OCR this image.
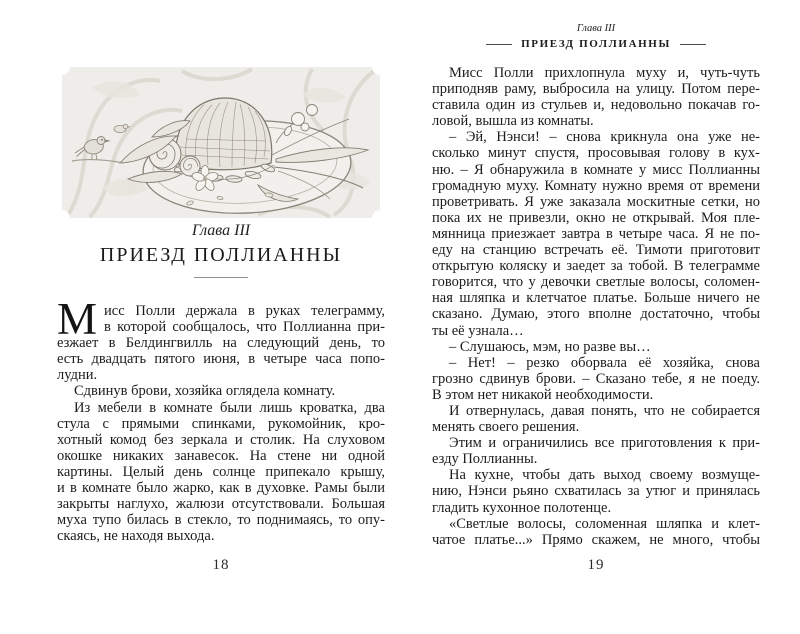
Глава III
ПРИЕЗД ПОЛЛИАННЫ
М исс Полли держала в руках телеграмму,
в которой сообщалось, что Поллианна при-
езжает в Белдингвилль на следующий день, то
есть двадцать пятого июня, в четыре часа попо-
лудни.
Сдвинув брови, хозяйка оглядела комнату.
Из мебели в комнате были лишь кроватка, два
стула с прямыми спинками, рукомойник, кро-
хотный комод без зеркала и столик. На слуховом
окошке никаких занавесок. На стене ни одной
картины. Целый день солнце припекало крышу,
и в комнате было жарко, как в духовке. Рамы были
закрыты наглухо, жалюзи отсутствовали. Большая
муха тупо билась в стекло, то поднимаясь, то опу-
скаясь, не находя выхода.
18
Глава III
ПРИЕЗД ПОЛЛИАННЫ
Мисс Полли прихлопнула муху и, чуть-чуть
приподняв раму, выбросила на улицу. Потом пере-
ставила один из стульев и, недовольно покачав го-
ловой, вышла из комнаты.
– Эй, Нэнси! – снова крикнула она уже не-
сколько минут спустя, просовывая голову в кух-
ню. – Я обнаружила в комнате у мисс Поллианны
громадную муху. Комнату нужно время от времени
проветривать. Я уже заказала москитные сетки, но
пока их не привезли, окно не открывай. Моя пле-
мянница приезжает завтра в четыре часа. Я не по-
еду на станцию встречать её. Тимоти приготовит
открытую коляску и заедет за тобой. В телеграмме
говорится, что у девочки светлые волосы, соломен-
ная шляпка и клетчатое платье. Больше ничего не
сказано. Думаю, этого вполне достаточно, чтобы
ты её узнала…
– Слушаюсь, мэм, но разве вы…
– Нет! – резко оборвала её хозяйка, снова
грозно сдвинув брови. – Сказано тебе, я не поеду.
В этом нет никакой необходимости.
И отвернулась, давая понять, что не собирается
менять своего решения.
Этим и ограничились все приготовления к при-
езду Поллианны.
На кухне, чтобы дать выход своему возмуще-
нию, Нэнси рьяно схватилась за утюг и принялась
гладить кухонное полотенце.
«Светлые волосы, соломенная шляпка и клет-
чатое платье...» Прямо скажем, не много, чтобы
19
